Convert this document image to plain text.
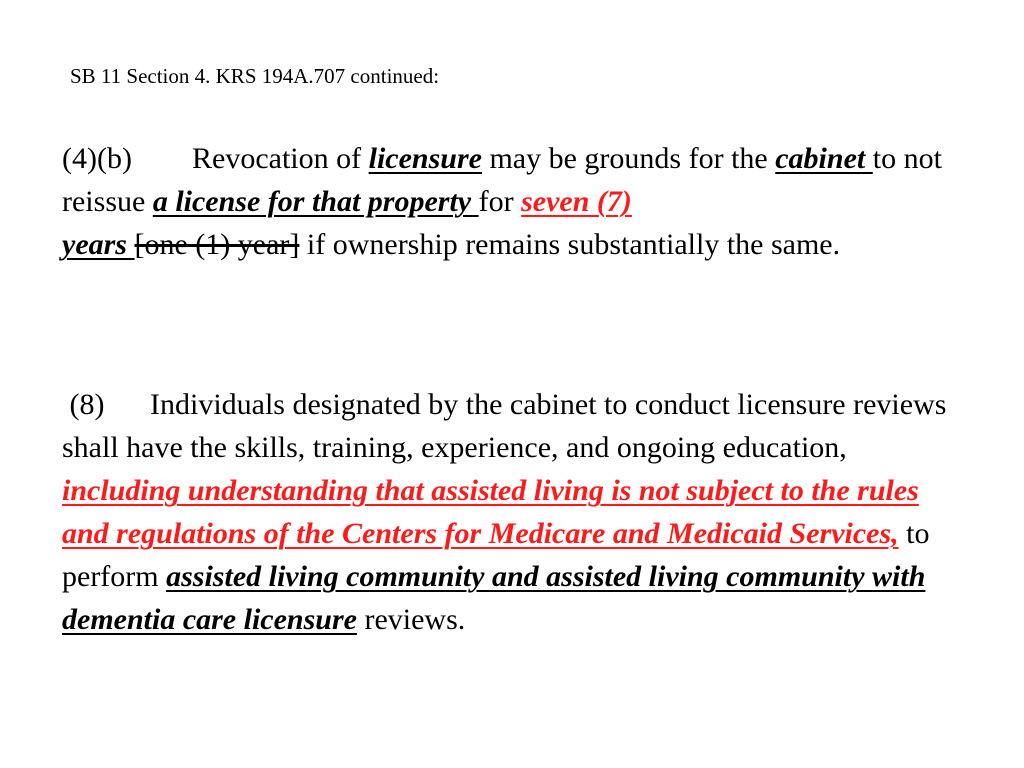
SB 11 Section 4. KRS 194A.707 continued:
(4)(b) Revocation of licensure may be grounds for the cabinet to not reissue a license for that property for seven (7)
years [one (1) year] if ownership remains substantially the same.
(8) Individuals designated by the cabinet to conduct licensure reviews shall have the skills, training, experience, and ongoing education, including understanding that assisted living is not subject to the rules and regulations of the Centers for Medicare and Medicaid Services, to perform assisted living community and assisted living community with dementia care licensure reviews.
